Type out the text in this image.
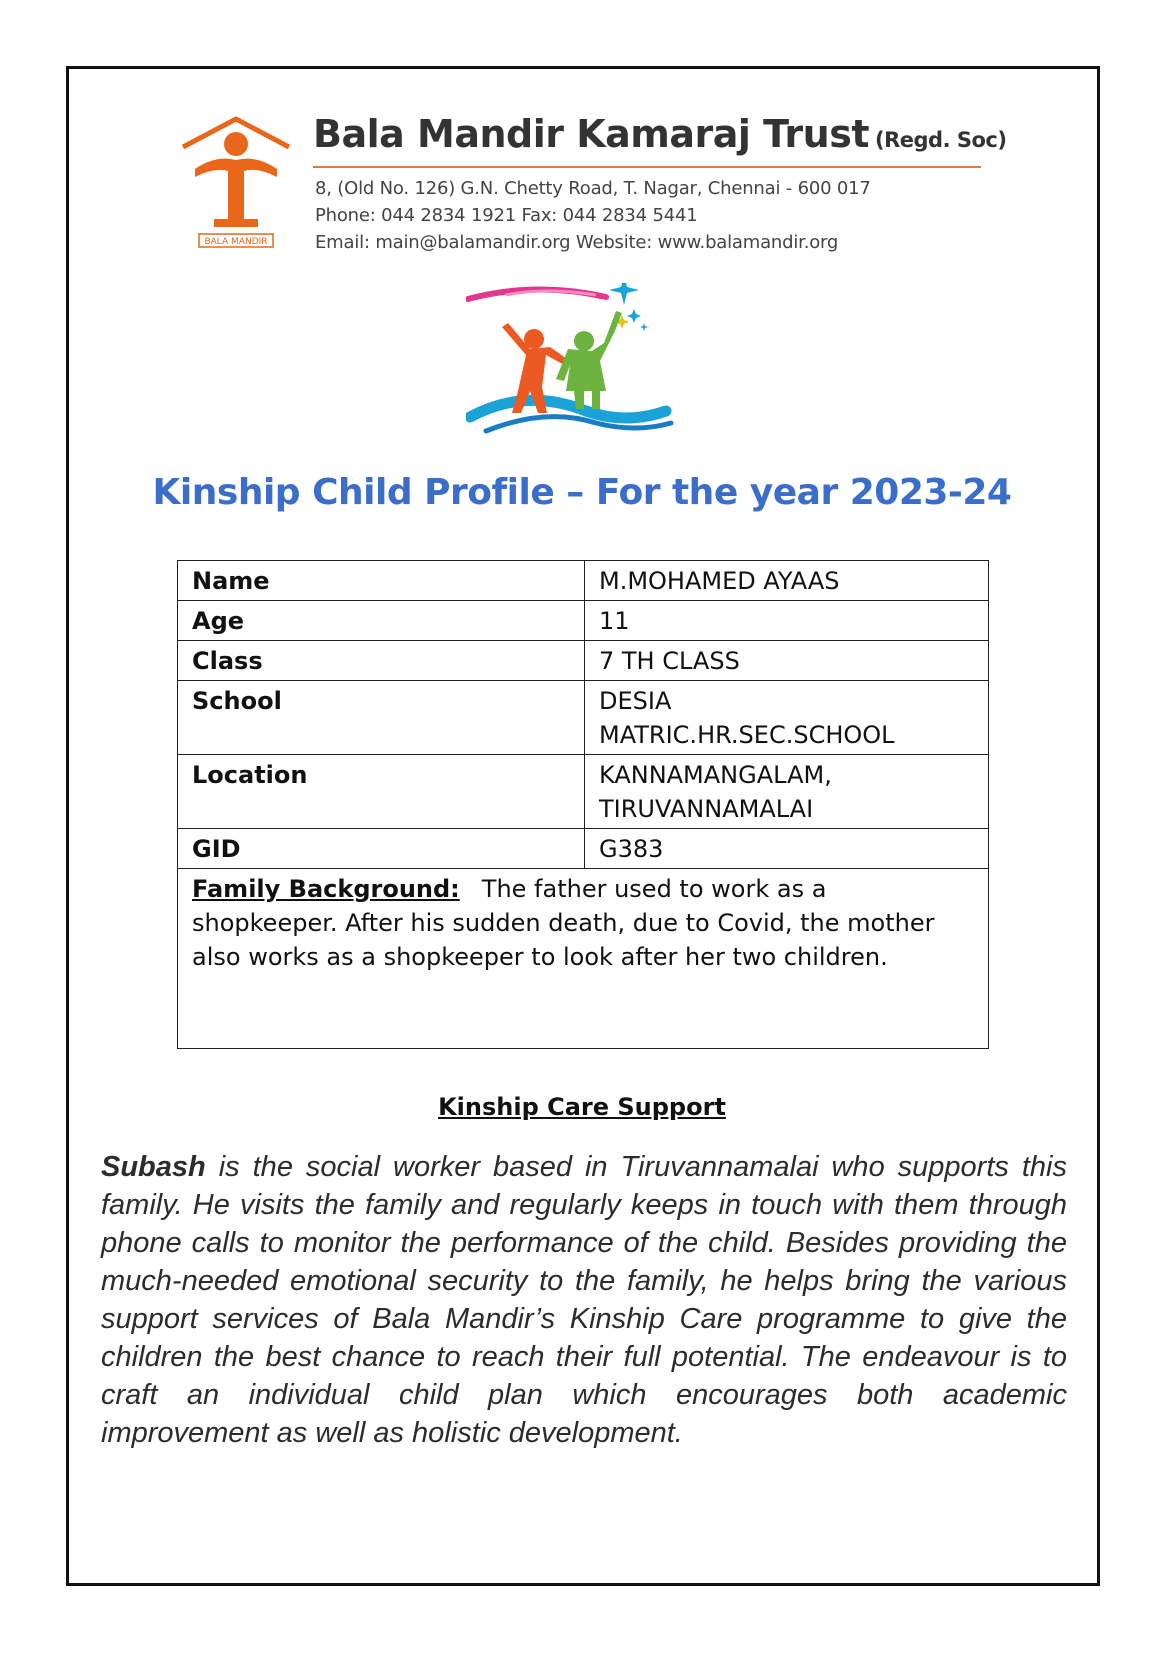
BALA MANDIR
Bala Mandir Kamaraj Trust (Regd. Soc)

8, (Old No. 126) G.N. Chetty Road, T. Nagar, Chennai - 600 017

Phone: 044 2834 1921 Fax: 044 2834 5441

Email: main@balamandir.org Website: www.balamandir.org

Kinship Child Profile – For the year 2023-24
Name	M.MOHAMED AYAAS
Age	11
Class	7 TH CLASS
School	DESIA MATRIC.HR.SEC.SCHOOL
Location	KANNAMANGALAM, TIRUVANNAMALAI
GID	G383
Family Background: The father used to work as a shopkeeper. After his sudden death, due to Covid, the mother also works as a shopkeeper to look after her two children.	
Kinship Care Support

Subash is the social worker based in Tiruvannamalai who supports this family. He visits the family and regularly keeps in touch with them through phone calls to monitor the performance of the child. Besides providing the much-needed emotional security to the family, he helps bring the various support services of Bala Mandir’s Kinship Care programme to give the children the best chance to reach their full potential. The endeavour is to craft an individual child plan which encourages both academic improvement as well as holistic development.
